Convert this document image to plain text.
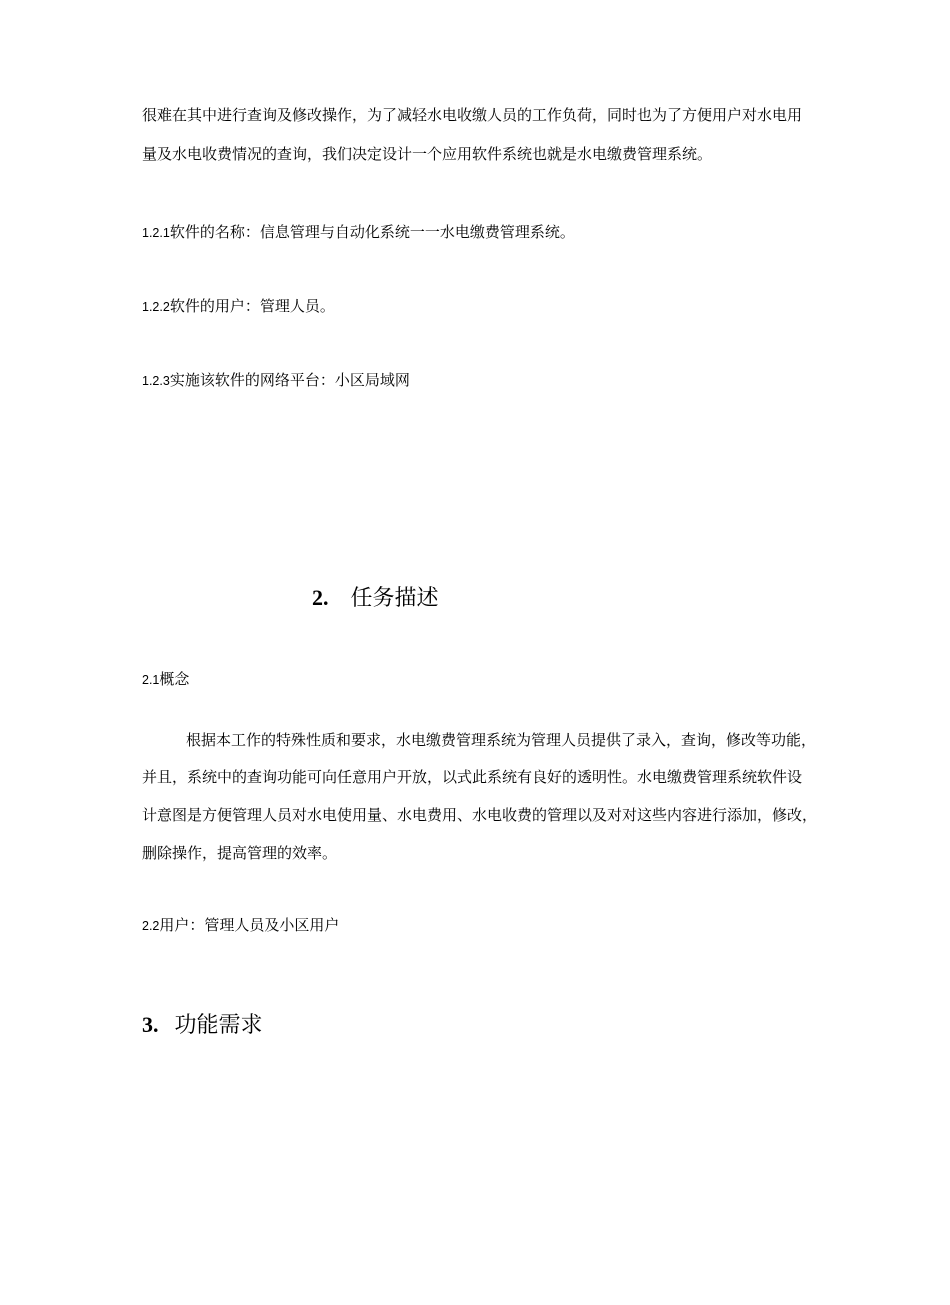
很难在其中进行查询及修改操作，为了减轻水电收缴人员的工作负荷，同时也为了方便用户对水电用
量及水电收费情况的查询，我们决定设计一个应用软件系统也就是水电缴费管理系统。
1.2.1软件的名称：信息管理与自动化系统一一水电缴费管理系统。
1.2.2软件的用户：管理人员。
1.2.3实施该软件的网络平台：小区局域网
2. 任务描述
2.1概念
根据本工作的特殊性质和要求，水电缴费管理系统为管理人员提供了录入，查询，修改等功能，
并且，系统中的查询功能可向任意用户开放，以式此系统有良好的透明性。水电缴费管理系统软件设
计意图是方便管理人员对水电使用量、水电费用、水电收费的管理以及对对这些内容进行添加，修改，
删除操作，提高管理的效率。
2.2用户：管理人员及小区用户
3. 功能需求
